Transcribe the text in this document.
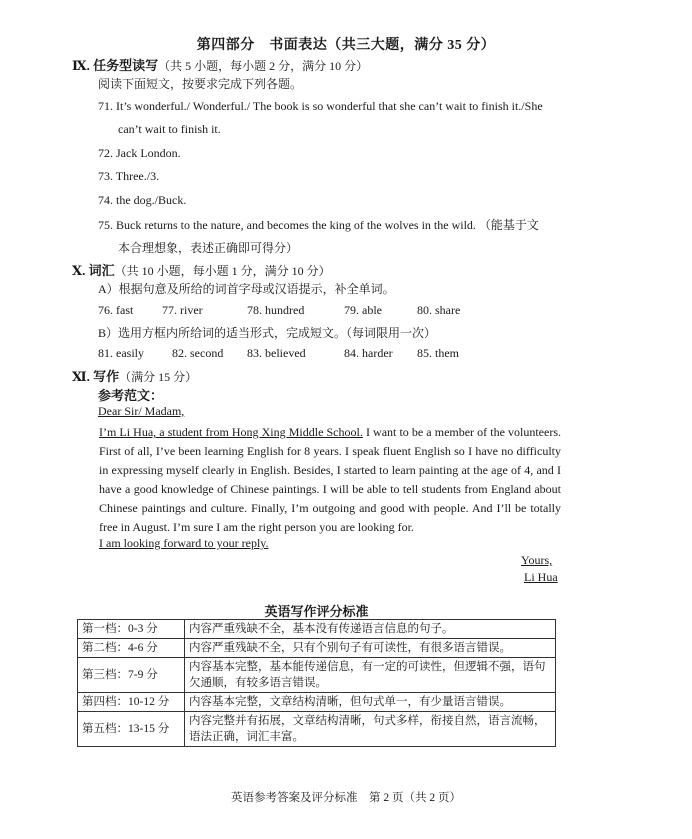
第四部分　书面表达（共三大题，满分 35 分）
Ⅸ. 任务型读写（共 5 小题，每小题 2 分，满分 10 分）
阅读下面短文，按要求完成下列各题。
71. It’s wonderful./ Wonderful./ The book is so wonderful that she can’t wait to finish it./She
can’t wait to finish it.
72. Jack London.
73. Three./3.
74. the dog./Buck.
75. Buck returns to the nature, and becomes the king of the wolves in the wild. （能基于文
本合理想象，表述正确即可得分）
Ⅹ. 词汇（共 10 小题，每小题 1 分，满分 10 分）
A）根据句意及所给的词首字母或汉语提示，补全单词。
76. fast 77. river	78. hundred	79. able	80. share
B）选用方框内所给词的适当形式，完成短文。（每词限用一次）
81. easily 82. second 83. believed	84. harder 85. them
Ⅺ. 写作（满分 15 分）
参考范文：
Dear Sir/ Madam,

I’m Li Hua, a student from Hong Xing Middle School. I want to be a member of the volunteers. First of all, I’ve been learning English for 8 years. I speak fluent English so I have no difficulty in expressing myself clearly in English. Besides, I started to learn painting at the age of 4, and I have a good knowledge of Chinese paintings. I will be able to tell students from England about Chinese paintings and culture. Finally, I’m outgoing and good with people. And I’ll be totally free in August. I’m sure I am the right person you are looking for.

I am looking forward to your reply.
Yours,
Li Hua
英语写作评分标准
第一档：0-3 分	内容严重残缺不全，基本没有传递语言信息的句子。
第二档：4-6 分	内容严重残缺不全，只有个别句子有可读性，有很多语言错误。
第三档：7-9 分	内容基本完整，基本能传递信息，有一定的可读性，但逻辑不强，语句欠通顺，有较多语言错误。
第四档：10-12 分	内容基本完整，文章结构清晰，但句式单一，有少量语言错误。
第五档：13-15 分	内容完整并有拓展，文章结构清晰，句式多样，衔接自然，语言流畅，语法正确，词汇丰富。
英语参考答案及评分标准　第 2 页（共 2 页）
